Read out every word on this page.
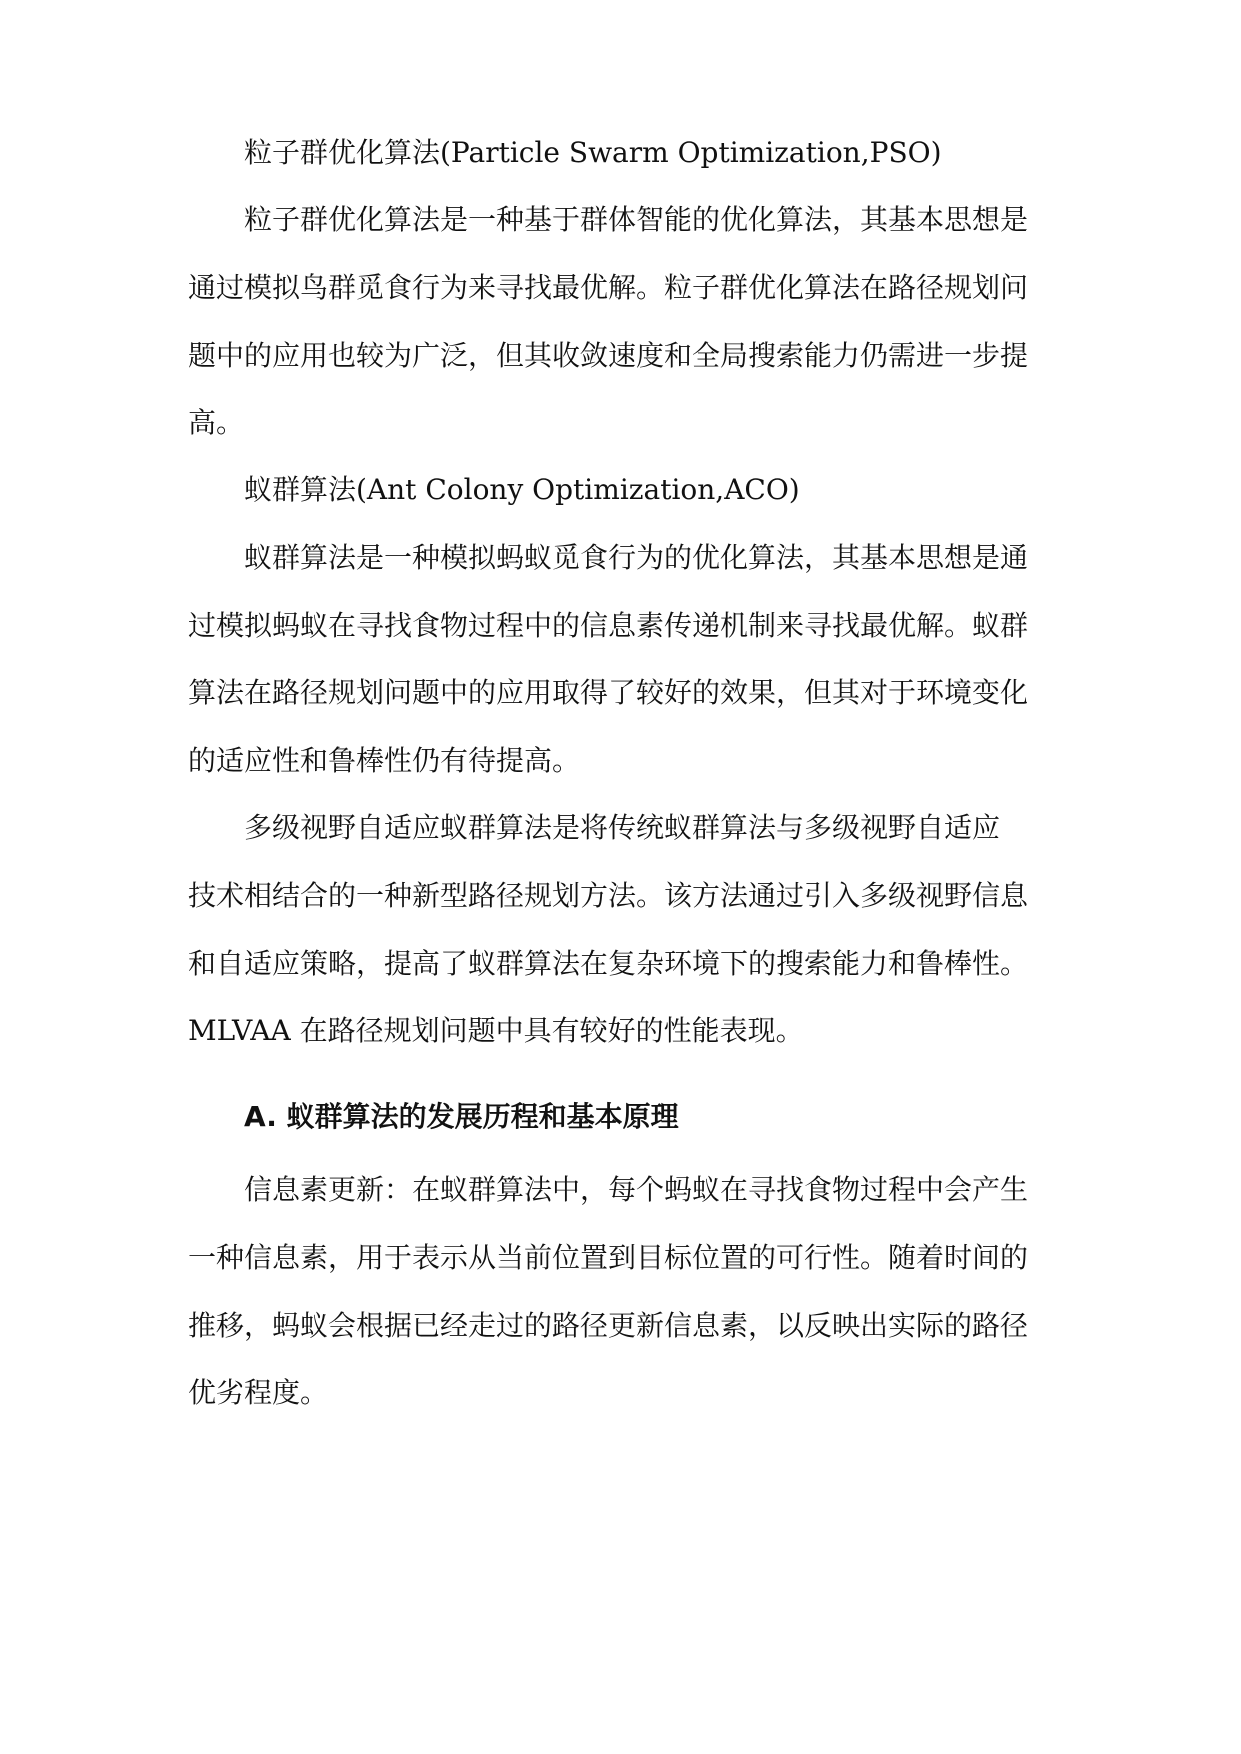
粒子群优化算法(Particle Swarm Optimization,PSO)
粒子群优化算法是一种基于群体智能的优化算法，其基本思想是
通过模拟鸟群觅食行为来寻找最优解。粒子群优化算法在路径规划问
题中的应用也较为广泛，但其收敛速度和全局搜索能力仍需进一步提
高。
蚁群算法(Ant Colony Optimization,ACO)
蚁群算法是一种模拟蚂蚁觅食行为的优化算法，其基本思想是通
过模拟蚂蚁在寻找食物过程中的信息素传递机制来寻找最优解。蚁群
算法在路径规划问题中的应用取得了较好的效果，但其对于环境变化
的适应性和鲁棒性仍有待提高。
多级视野自适应蚁群算法是将传统蚁群算法与多级视野自适应
技术相结合的一种新型路径规划方法。该方法通过引入多级视野信息
和自适应策略，提高了蚁群算法在复杂环境下的搜索能力和鲁棒性。
MLVAA 在路径规划问题中具有较好的性能表现。
A. 蚁群算法的发展历程和基本原理
信息素更新：在蚁群算法中，每个蚂蚁在寻找食物过程中会产生
一种信息素，用于表示从当前位置到目标位置的可行性。随着时间的
推移，蚂蚁会根据已经走过的路径更新信息素，以反映出实际的路径
优劣程度。
